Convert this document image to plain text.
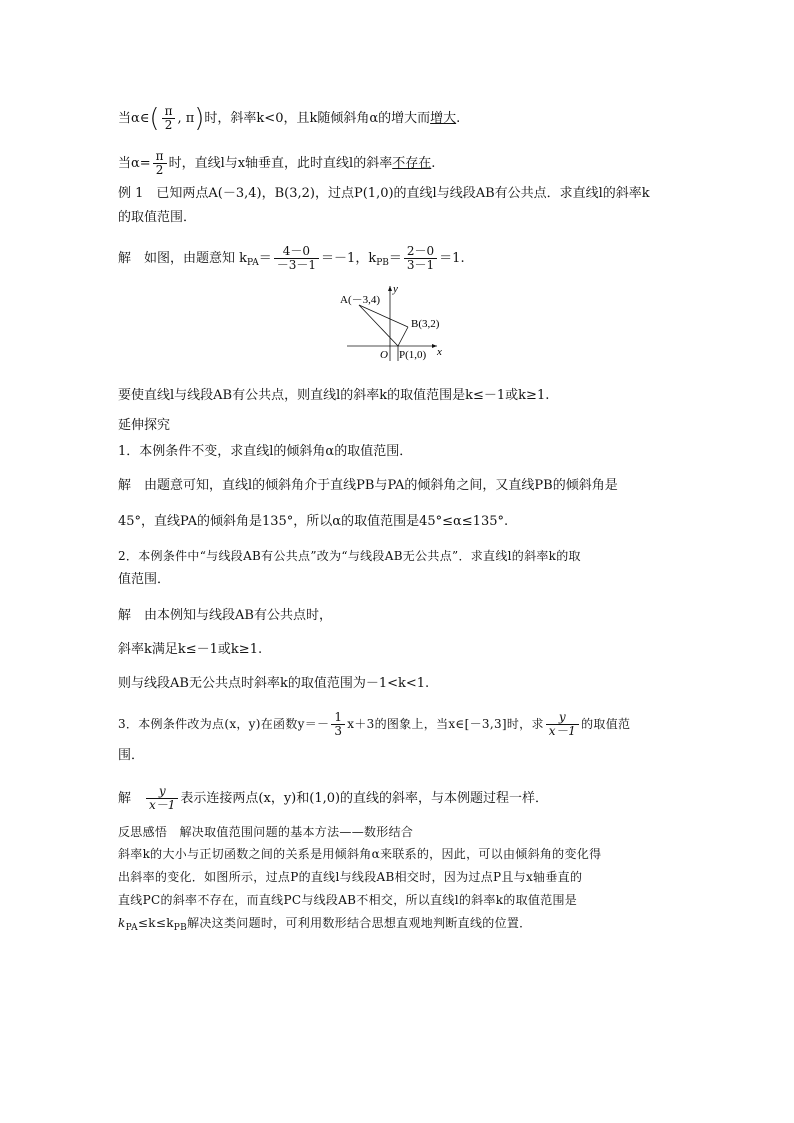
当α∈( $\frac{\pi}{2}$ , π)时，斜率k<0，且k随倾斜角α的增大而增大.
当$\alpha= \frac{\pi}{2}$ 时，直线l与x轴垂直，此时直线l的斜率不存在.
例 1　已知两点A(－3,4)，B(3,2)，过点P(1,0)的直线l与线段AB有公共点．求直线l的斜率k
的取值范围．
解　如图，由题意知 $k_{PA}= \frac{4-0}{-3-1} =-1$，$k_{PB}= \frac{2-0}{3-1} =1$.
A(－3,4)
B(3,2)
O P(1,0) x
y
要使直线l与线段AB有公共点，则直线l的斜率k的取值范围是k≤－1或k≥1.
延伸探究
1．本例条件不变，求直线l的倾斜角α的取值范围．
解　由题意可知，直线l的倾斜角介于直线PB与PA的倾斜角之间，又直线PB的倾斜角是
45°，直线PA的倾斜角是135°，所以α的取值范围是45°≤α≤135°.
2．本例条件中“与线段AB有公共点”改为“与线段AB无公共点”．求直线l的斜率k的取
值范围．
解　由本例知与线段AB有公共点时，
斜率k满足k≤－1或k≥1.
则与线段AB无公共点时斜率k的取值范围为－1<k<1.
3．本例条件改为点(x，y)在函数$y=- \frac{1}{3} x+3$的图象上，当x∈[－3,3]时，求 $\frac{y}{x-1}$ 的取值范
围．
解　 $\frac{y}{x-1}$ 表示连接两点(x，y)和(1,0)的直线的斜率，与本例题过程一样．
反思感悟　解决取值范围问题的基本方法——数形结合
斜率k的大小与正切函数之间的关系是用倾斜角α来联系的，因此，可以由倾斜角的变化得
出斜率的变化．如图所示，过点P的直线l与线段AB相交时，因为过点P且与x轴垂直的
直线PC的斜率不存在，而直线PC与线段AB不相交，所以直线l的斜率k的取值范围是
$k_{PA}\le k\le k_{PB}$解决这类问题时，可利用数形结合思想直观地判断直线的位置．
